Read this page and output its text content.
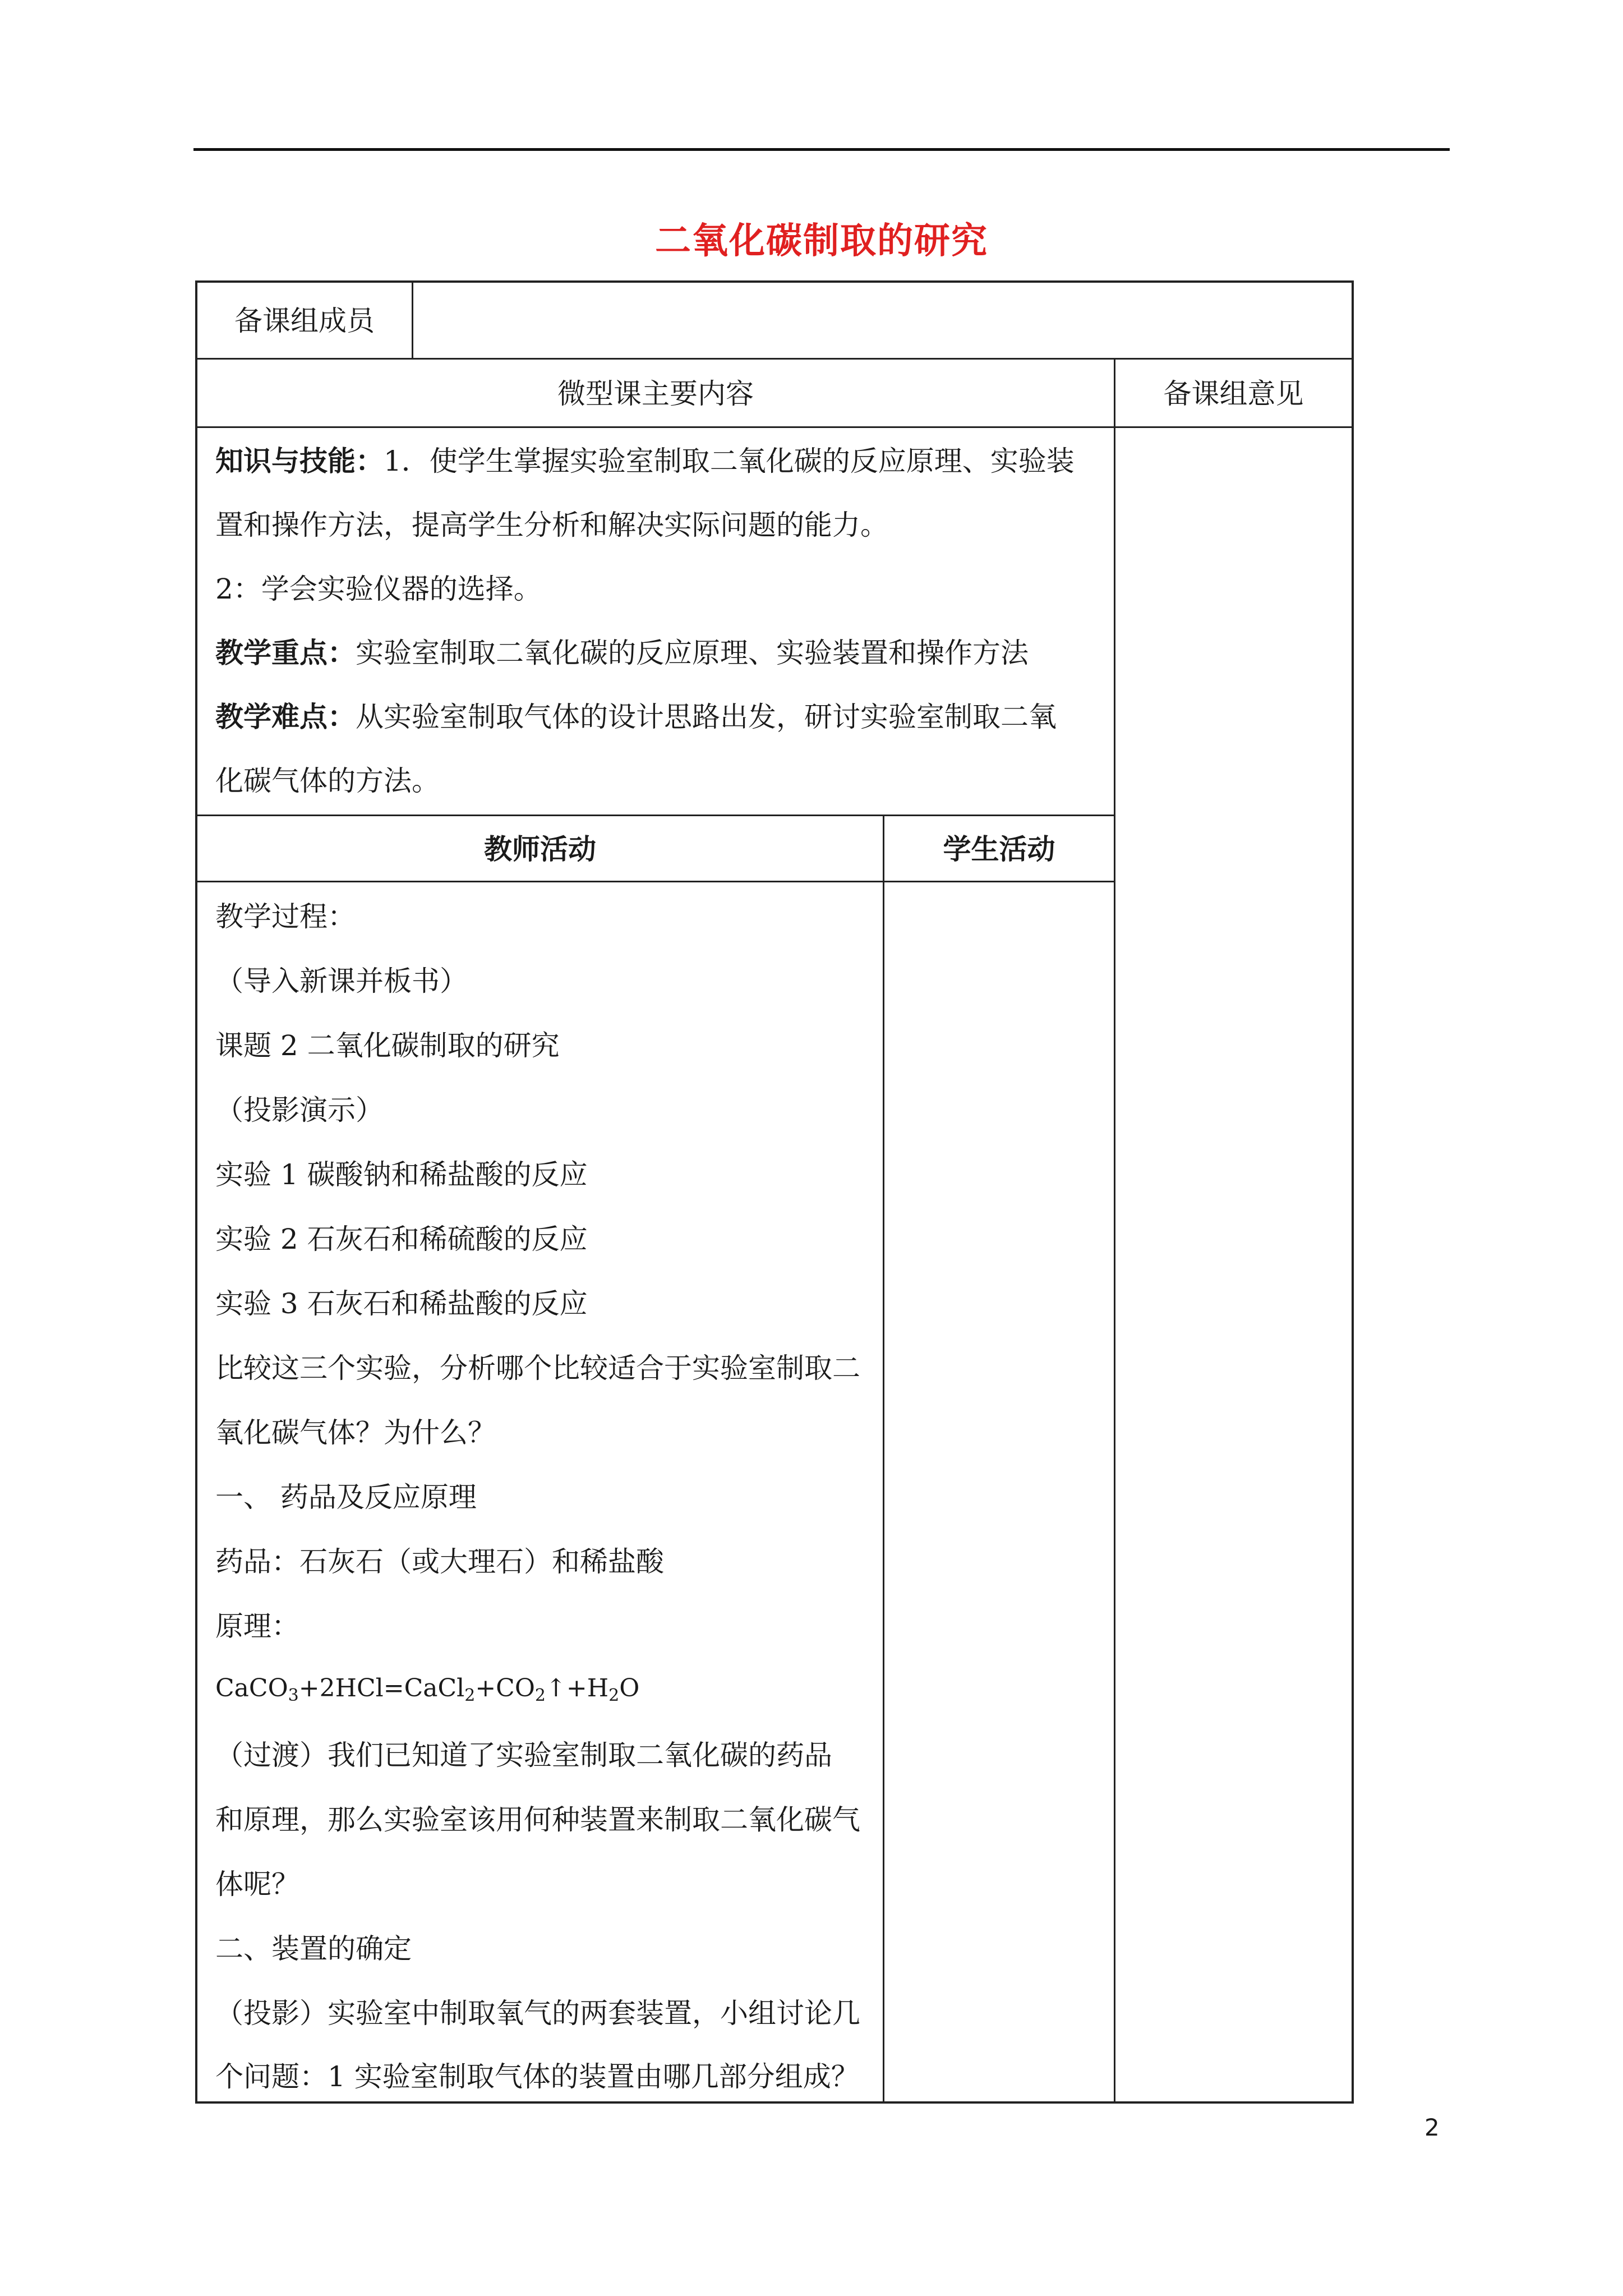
二氧化碳制取的研究
备课组成员
微型课主要内容	备课组意见
知识与技能：1．使学生掌握实验室制取二氧化碳的反应原理、实验装
置和操作方法，提高学生分析和解决实际问题的能力。
2：学会实验仪器的选择。
教学重点：实验室制取二氧化碳的反应原理、实验装置和操作方法
教学难点：从实验室制取气体的设计思路出发，研讨实验室制取二氧
化碳气体的方法。
教师活动	学生活动
教学过程：
（导入新课并板书）
课题 2 二氧化碳制取的研究
（投影演示）
实验 1 碳酸钠和稀盐酸的反应
实验 2 石灰石和稀硫酸的反应
实验 3 石灰石和稀盐酸的反应
比较这三个实验，分析哪个比较适合于实验室制取二
氧化碳气体？为什么？
一、 药品及反应原理
药品：石灰石（或大理石）和稀盐酸
原理：
$CaCO_3+2HCl=CaCl_2+CO_2↑+H_2O$
（过渡）我们已知道了实验室制取二氧化碳的药品
和原理，那么实验室该用何种装置来制取二氧化碳气
体呢？
二、装置的确定
（投影）实验室中制取氧气的两套装置，小组讨论几
个问题：1 实验室制取气体的装置由哪几部分组成？
2
